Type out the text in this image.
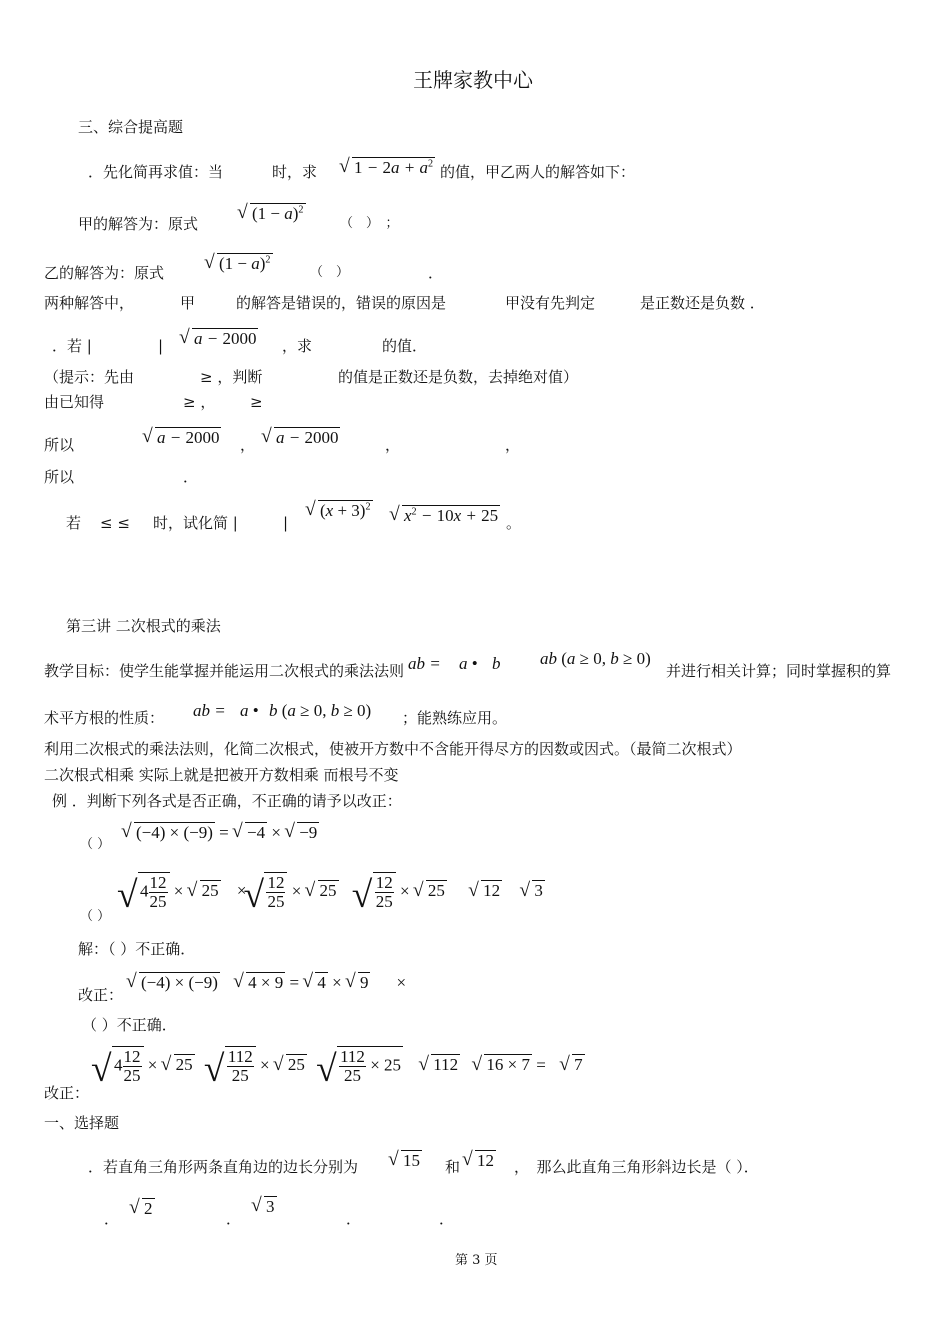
王牌家教中心
三、综合提高题
．先化简再求值：当	时，求	√ $1 - 2a + a^2$ 的值，甲乙两人的解答如下：
甲的解答为：原式
√ $(1 - a)^2$
（　）　；
乙的解答为：原式	√ $(1 - a)^2$
（　）	．
两种解答中，	甲	的解答是错误的，错误的原因是	甲没有先判定	是正数还是负数 ．
．若 |	|	√ a − 2000 ，求	的值．
（提示：先由	≥ ，判断	的值是正数还是负数，去掉绝对值）
由已知得	≥ ， ≥
所以	√ a − 2000 ，	√ a − 2000	，	，
所以	．
若 ≤ ≤ 时，试化简 |	|
√ $(x + 3)^2$	√ $x^2 - 10x + 25$ 。
第三讲 二次根式的乘法
教学目标：使学生能掌握并能运用二次根式的乘法法则 ab = a • b ab (a ≥ 0, b ≥ 0)
并进行相关计算；同时掌握积的算
术平方根的性质： ab = a • b (a ≥ 0, b ≥ 0) ；能熟练应用。
利用二次根式的乘法法则，化简二次根式，使被开方数中不含能开得尽方的因数或因式。（最简二次根式）
二次根式相乘 实际上就是把被开方数相乘 而根号不变
例 ．判断下列各式是否正确，不正确的请予以改正：
（ ）
√ (−4) × (−9) = √ −4 × √ −9
（ ）
√ $4 \frac{12}{25}$ × √ 25 × √ $\frac{12}{25}$ × √ 25 √ $\frac{12}{25}$ × √ 25 √ 12 √ 3
解：（ ）不正确．
改正：
√ (−4) × (−9) √ 4 × 9 = √ 4 × √ 9 ×
（ ）不正确．
改正：
√ $4 \frac{12}{25}$ × √ 25 √ $\frac{112}{25}$ × √ 25 √ $\frac{112}{25} \times 25$ √ 112 √ 16 × 7 = √ 7
一、选择题
．若直角三角形两条直角边的边长分别为	√ 15 和 √ 12 ，　那么此直角三角形斜边长是（ ）．
．
√ 2
．
√ 3
．	．
第 3 页
